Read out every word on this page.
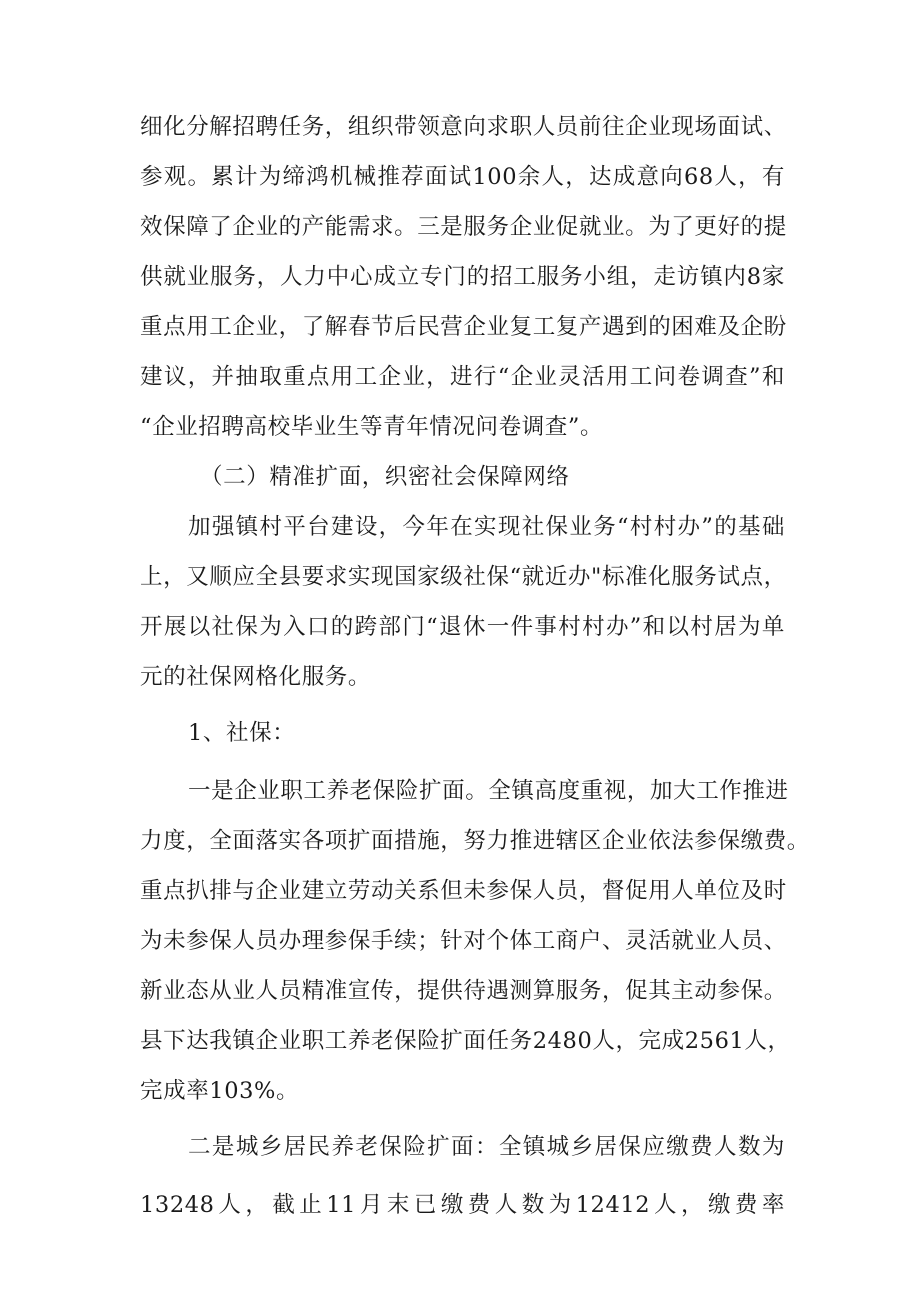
细化分解招聘任务，组织带领意向求职人员前往企业现场面试、
参观。累计为缔鸿机械推荐面试100余人，达成意向68人，有
效保障了企业的产能需求。三是服务企业促就业。为了更好的提
供就业服务，人力中心成立专门的招工服务小组，走访镇内8家
重点用工企业，了解春节后民营企业复工复产遇到的困难及企盼
建议，并抽取重点用工企业，进行“企业灵活用工问卷调查”和
“企业招聘高校毕业生等青年情况问卷调查”。
（二）精准扩面，织密社会保障网络
加强镇村平台建设，今年在实现社保业务“村村办”的基础
上，又顺应全县要求实现国家级社保“就近办"标准化服务试点，
开展以社保为入口的跨部门“退休一件事村村办”和以村居为单
元的社保网格化服务。
1、社保：
一是企业职工养老保险扩面。全镇高度重视，加大工作推进
力度，全面落实各项扩面措施，努力推进辖区企业依法参保缴费。
重点扒排与企业建立劳动关系但未参保人员，督促用人单位及时
为未参保人员办理参保手续；针对个体工商户、灵活就业人员、
新业态从业人员精准宣传，提供待遇测算服务，促其主动参保。
县下达我镇企业职工养老保险扩面任务2480人，完成2561人，
完成率103%。
二是城乡居民养老保险扩面：全镇城乡居保应缴费人数为
13248人，截止11月末已缴费人数为12412人，缴费率
